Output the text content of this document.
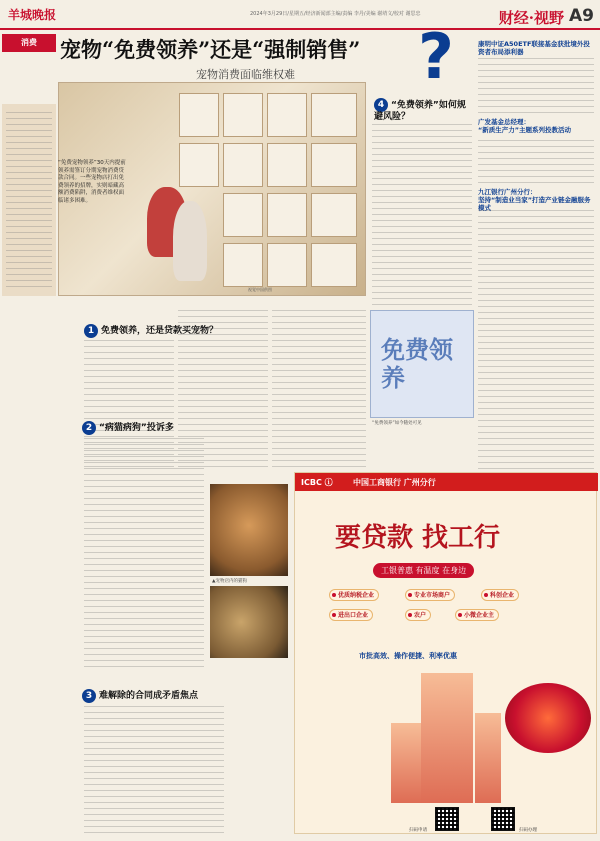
羊城晚报	2024年3月29日/星期五/经济新闻部主编/责编 李丹/美编 谢靖文/校对 谢思忠	财经·视野 A9
消费	宠物“免费领养”还是“强制销售”
宠物消费面临维权难 ?
“免费宠物领养”30天内提前领养需签订分期宠物消费贷款合同。一些宠物店打出免费领养的招牌，实则暗藏高额消费陷阱，消费者维权面临诸多困难。
视觉中国供图
1 免费领养，还是贷款买宠物？
2 “病猫病狗”投诉多
▲宠物店内的猫狗
3 难解除的合同成矛盾焦点
4 “免费领养”如何规避风险？
免费领养
“免费领养”如今随处可见
康明中证A50ETF联接基金获批境外投资者布局添利器
广发基金总经理：
“新质生产力”主题系列投教活动
九江银行广州分行：
坚持“制造业当家”打造产业链金融服务模式
ICBC ⓘ	中国工商银行 广州分行
要贷款 找工行
工银普惠 有温度 在身边
优质纳税企业	专业市场商户	科创企业
进出口企业	农户	小微企业主
市批高效、操作便捷、利率优惠
扫码申请	扫码办理
